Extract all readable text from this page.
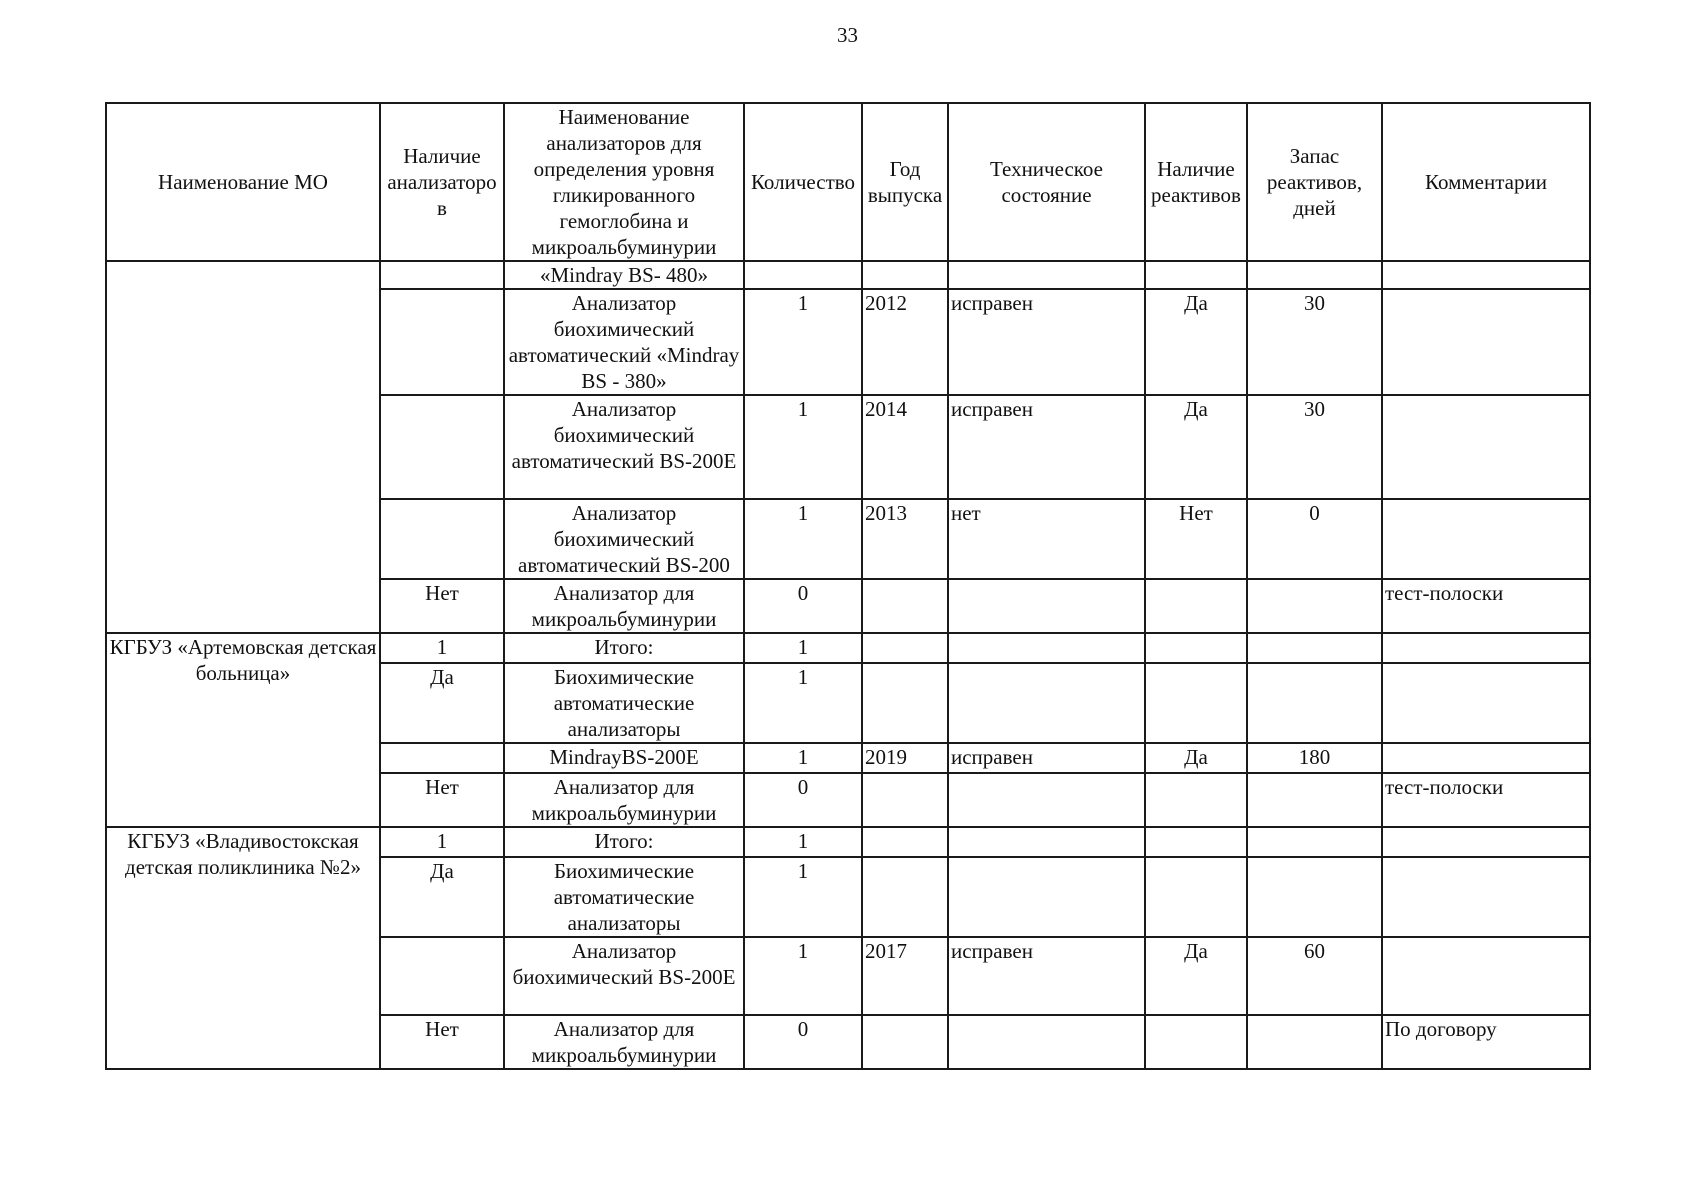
33
Наименование МО	Наличие анализаторо в	Наименование анализаторов для определения уровня гликированного гемоглобина и микроальбуминурии	Количество	Год выпуска	Техническое состояние	Наличие реактивов	Запас реактивов, дней	Комментарии
		«Mindray BS- 480»						
		Анализатор биохимический автоматический «Mindray BS - 380»	1	2012	исправен	Да	30	
		Анализатор биохимический автоматический BS-200E	1	2014	исправен	Да	30	
		Анализатор биохимический автоматический BS-200	1	2013	нет	Нет	0	
	Нет	Анализатор для микроальбуминурии	0					тест-полоски
КГБУЗ «Артемовская детская больница»	1	Итого:	1					
	Да	Биохимические автоматические анализаторы	1					
		MindrayBS-200E	1	2019	исправен	Да	180	
	Нет	Анализатор для микроальбуминурии	0					тест-полоски
КГБУЗ «Владивостокская детская поликлиника №2»	1	Итого:	1					
	Да	Биохимические автоматические анализаторы	1					
		Анализатор биохимический BS-200E	1	2017	исправен	Да	60	
	Нет	Анализатор для микроальбуминурии	0					По договору
